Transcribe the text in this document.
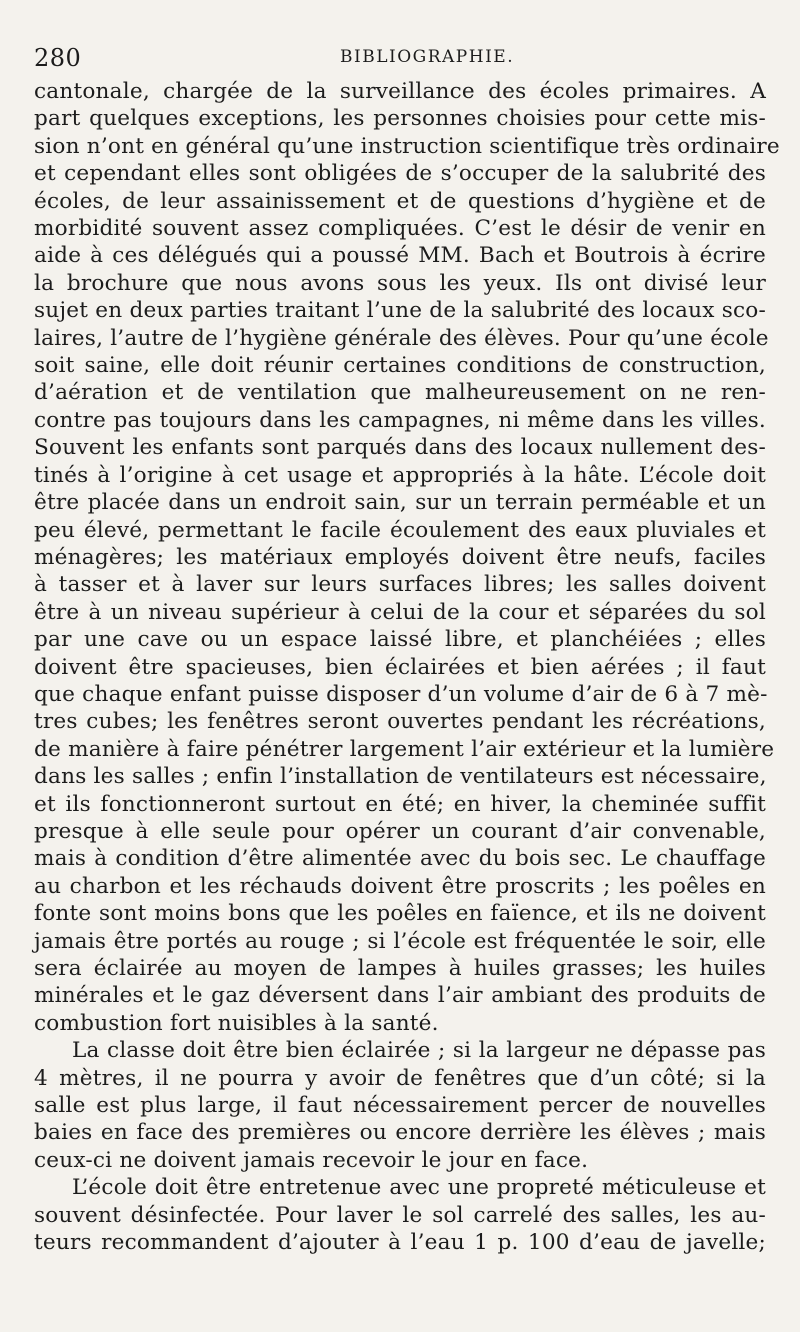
280	BIBLIOGRAPHIE.
cantonale, chargée de la surveillance des écoles primaires. A
part quelques exceptions, les personnes choisies pour cette mis-
sion n’ont en général qu’une instruction scientifique très ordinaire
et cependant elles sont obligées de s’occuper de la salubrité des
écoles, de leur assainissement et de questions d’hygiène et de
morbidité souvent assez compliquées. C’est le désir de venir en
aide à ces délégués qui a poussé MM. Bach et Boutrois à écrire
la brochure que nous avons sous les yeux. Ils ont divisé leur
sujet en deux parties traitant l’une de la salubrité des locaux sco-
laires, l’autre de l’hygiène générale des élèves. Pour qu’une école
soit saine, elle doit réunir certaines conditions de construction,
d’aération et de ventilation que malheureusement on ne ren-
contre pas toujours dans les campagnes, ni même dans les villes.
Souvent les enfants sont parqués dans des locaux nullement des-
tinés à l’origine à cet usage et appropriés à la hâte. L’école doit
être placée dans un endroit sain, sur un terrain perméable et un
peu élevé, permettant le facile écoulement des eaux pluviales et
ménagères; les matériaux employés doivent être neufs, faciles
à tasser et à laver sur leurs surfaces libres; les salles doivent
être à un niveau supérieur à celui de la cour et séparées du sol
par une cave ou un espace laissé libre, et planchéiées ; elles
doivent être spacieuses, bien éclairées et bien aérées ; il faut
que chaque enfant puisse disposer d’un volume d’air de 6 à 7 mè-
tres cubes; les fenêtres seront ouvertes pendant les récréations,
de manière à faire pénétrer largement l’air extérieur et la lumière
dans les salles ; enfin l’installation de ventilateurs est nécessaire,
et ils fonctionneront surtout en été; en hiver, la cheminée suffit
presque à elle seule pour opérer un courant d’air convenable,
mais à condition d’être alimentée avec du bois sec. Le chauffage
au charbon et les réchauds doivent être proscrits ; les poêles en
fonte sont moins bons que les poêles en faïence, et ils ne doivent
jamais être portés au rouge ; si l’école est fréquentée le soir, elle
sera éclairée au moyen de lampes à huiles grasses; les huiles
minérales et le gaz déversent dans l’air ambiant des produits de
combustion fort nuisibles à la santé.
La classe doit être bien éclairée ; si la largeur ne dépasse pas
4 mètres, il ne pourra y avoir de fenêtres que d’un côté; si la
salle est plus large, il faut nécessairement percer de nouvelles
baies en face des premières ou encore derrière les élèves ; mais
ceux-ci ne doivent jamais recevoir le jour en face.
L’école doit être entretenue avec une propreté méticuleuse et
souvent désinfectée. Pour laver le sol carrelé des salles, les au-
teurs recommandent d’ajouter à l’eau 1 p. 100 d’eau de javelle;
